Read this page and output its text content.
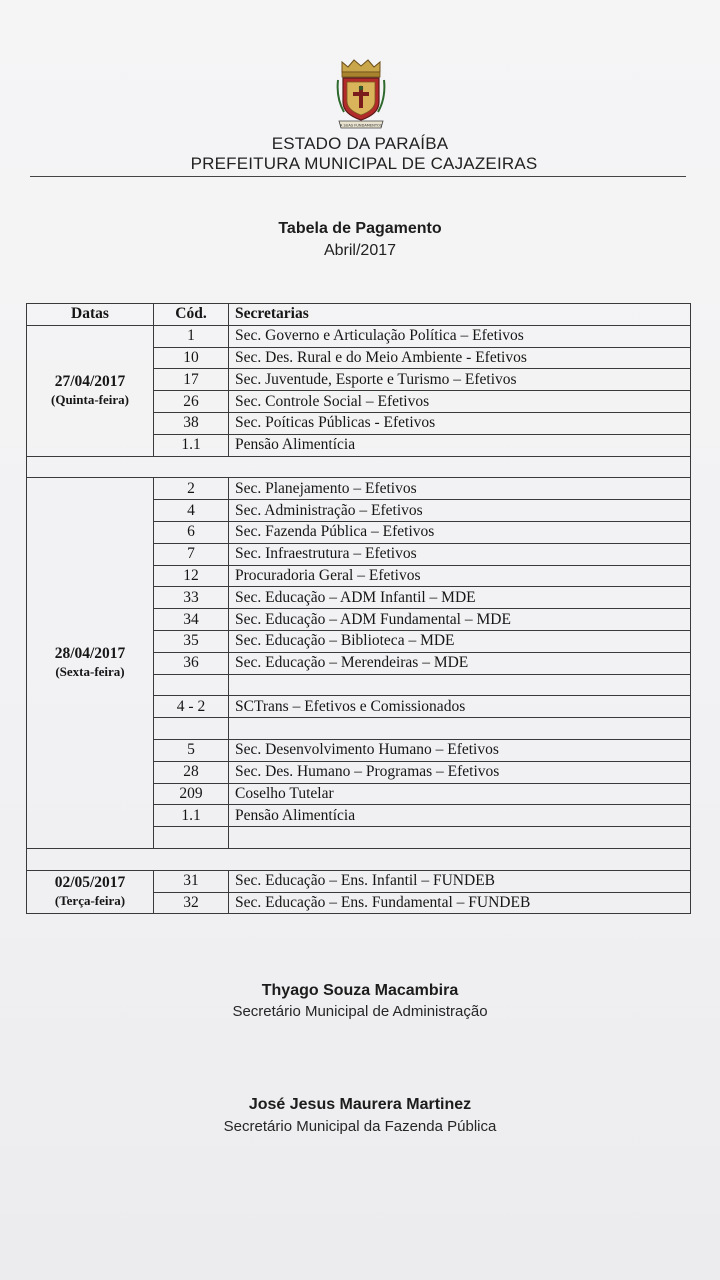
A SUAS FUNDAMENTOS
ESTADO DA PARAÍBA
PREFEITURA MUNICIPAL DE CAJAZEIRAS
Tabela de Pagamento
Abril/2017
Datas	Cód.	Secretarias

27/04/2017
(Quinta-feira)	1	Sec. Governo e Articulação Política – Efetivos
	10	Sec. Des. Rural e do Meio Ambiente - Efetivos
	17	Sec. Juventude, Esporte e Turismo – Efetivos
	26	Sec. Controle Social – Efetivos
	38	Sec. Poíticas Públicas - Efetivos
	1.1	Pensão Alimentícia

28/04/2017
(Sexta-feira)	2	Sec. Planejamento – Efetivos
	4	Sec. Administração – Efetivos
	6	Sec. Fazenda Pública – Efetivos
	7	Sec. Infraestrutura – Efetivos
	12	Procuradoria Geral – Efetivos
	33	Sec. Educação – ADM Infantil – MDE
	34	Sec. Educação – ADM Fundamental – MDE
	35	Sec. Educação – Biblioteca – MDE
	36	Sec. Educação – Merendeiras – MDE

	4 - 2	SCTrans – Efetivos e Comissionados

	5	Sec. Desenvolvimento Humano – Efetivos
	28	Sec. Des. Humano – Programas – Efetivos
	209	Coselho Tutelar
	1.1	Pensão Alimentícia

02/05/2017
(Terça-feira)	31	Sec. Educação – Ens. Infantil – FUNDEB
	32	Sec. Educação – Ens. Fundamental – FUNDEB
Thyago Souza Macambira
Secretário Municipal de Administração
José Jesus Maurera Martinez
Secretário Municipal da Fazenda Pública
